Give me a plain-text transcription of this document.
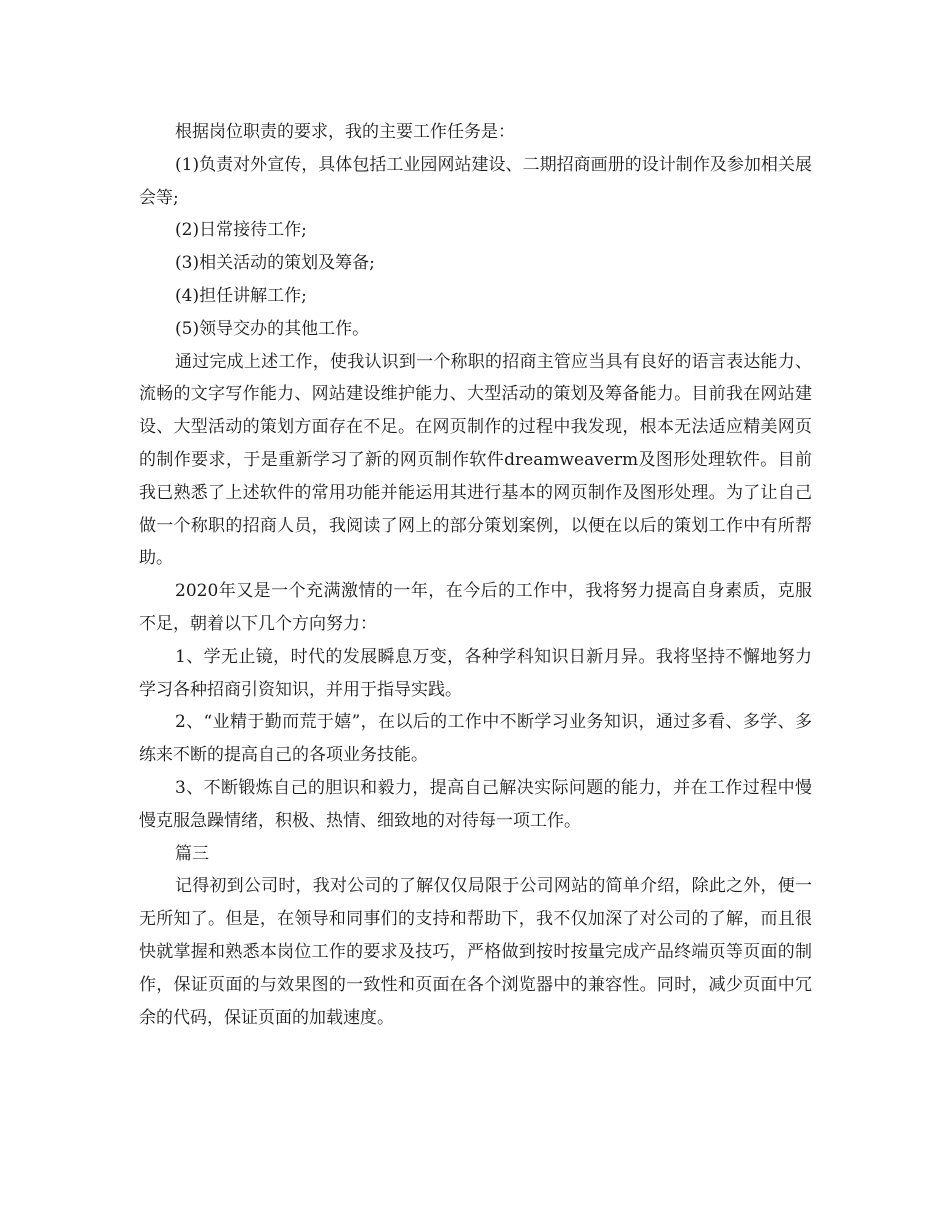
根据岗位职责的要求，我的主要工作任务是：

(1)负责对外宣传，具体包括工业园网站建设、二期招商画册的设计制作及参加相关展会等;

(2)日常接待工作;

(3)相关活动的策划及筹备;

(4)担任讲解工作;

(5)领导交办的其他工作。

通过完成上述工作，使我认识到一个称职的招商主管应当具有良好的语言表达能力、流畅的文字写作能力、网站建设维护能力、大型活动的策划及筹备能力。目前我在网站建设、大型活动的策划方面存在不足。在网页制作的过程中我发现，根本无法适应精美网页的制作要求，于是重新学习了新的网页制作软件dreamweaverm及图形处理软件。目前我已熟悉了上述软件的常用功能并能运用其进行基本的网页制作及图形处理。为了让自己做一个称职的招商人员，我阅读了网上的部分策划案例，以便在以后的策划工作中有所帮助。

2020年又是一个充满激情的一年，在今后的工作中，我将努力提高自身素质，克服不足，朝着以下几个方向努力：

1、学无止镜，时代的发展瞬息万变，各种学科知识日新月异。我将坚持不懈地努力学习各种招商引资知识，并用于指导实践。

2、“业精于勤而荒于嬉”，在以后的工作中不断学习业务知识，通过多看、多学、多练来不断的提高自己的各项业务技能。

3、不断锻炼自己的胆识和毅力，提高自己解决实际问题的能力，并在工作过程中慢慢克服急躁情绪，积极、热情、细致地的对待每一项工作。

篇三

记得初到公司时，我对公司的了解仅仅局限于公司网站的简单介绍，除此之外，便一无所知了。但是，在领导和同事们的支持和帮助下，我不仅加深了对公司的了解，而且很快就掌握和熟悉本岗位工作的要求及技巧，严格做到按时按量完成产品终端页等页面的制作，保证页面的与效果图的一致性和页面在各个浏览器中的兼容性。同时，减少页面中冗余的代码，保证页面的加载速度。
